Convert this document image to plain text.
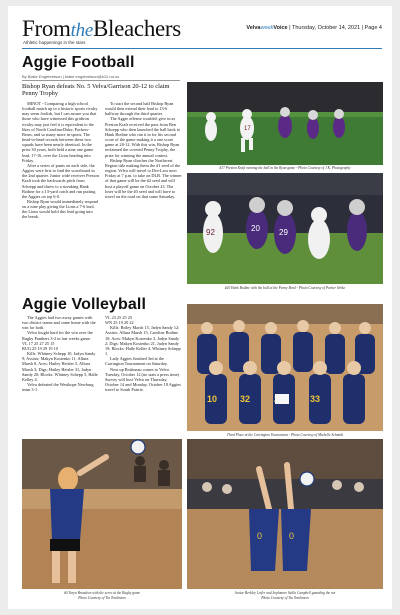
FromtheBleachers
Athletic happenings in the stars
VelvaweekVoice | Thursday, October 14, 2021 | Page 4
Aggie Football
By Blake Engebretson | blake.engebretson@k12.nd.us
Bishop Ryan defeats No. 5 Velva/Garrison 20-12 to claim Penny Trophy

MINOT - Comparing a high school football match up to a historic sports rivalry may seem foolish, but I can assure you that those who have witnessed this gridiron rivalry may just feel it is equivalent to the likes of North Carolina-Duke, Packers-Bears, and so many more in sports. The head-to-head records between these two squads have been nearly identical. In the prior 30 years, both held a nine one game lead, 17-16, over the Lions heading into Friday.

After a series of punts on each side, the Aggies were first to find the scoreboard in the 2nd quarter. Junior wide receiver Preston Kraft took the backwards pitch from Schrepp and threw to a streaking Hank Bodine for a 13-yard catch and run putting the Aggies on top 6-0.

Bishop Ryan would immediately respond on a nine play giving the Lions a 7-6 lead, the Lions would hold this lead going into the break.

To start the second half Bishop Ryan would then extend their lead to 13-6 halfway through the third quarter.

The Aggie offense wouldn't give in as Preston Kraft received the pass from Ben Schrepp who then launched the ball back to Hank Bodine who ran it in for his second score of the game making it a one score game at 20-12. With this win, Bishop Ryan reclaimed the coveted Penny Trophy, the prize for winning the annual contest.

Bishop Ryan clinches the Northwest Region title making them the #1 seed of the region. Velva will travel to Des-Lacs next Friday at 7 p.m. to take on DLB. The winner of that game will be the #2 seed and will host a playoff game on October 23. The loser will be the #3 seed and will have to travel on the road on that same Saturday.

17
#17 Preston Kraft running the ball in the Ryan game - Photo Courtesy of J.K. Photography
92	20 29
#20 Hank Bodine with the ball at the Penny Bowl - Photo Courtesy of Parker Strike
Aggie Volleyball

The Aggies had two away games with two district teams and came home with the win for both.

Velva fought hard for the win over the Rugby Panthers 3-2 in last weeks game.

VL 17 25 27 25 15

RUG 25 19 29 19 10

Kills: Whitney Schepp 10, Jadyn Sandy 9; Assists: Makyn Kostenko 11, Allura Marsh 8, Aces: Hailey Heisler 5, Allura Marsh 3; Digs: Hailey Heisler 31, Jadyn Sandy 20; Blocks: Whitney Schepp 5, Halle Kelley 4.

Velva defeated the Westhope Newburg team 3-1.

VL 23 25 25 25

WN 25 19 20 22

Kills: Briley Marsh 15, Jadyn Sandy 12; Assists: Allura Marsh 15, Caroline Bodine 10; Aces: Makyn Kostenko 3, Jadyn Sandy 2; Digs: Makyn Kostenko 21, Jadyn Sandy 19; Blocks: Halle Keller 4, Whitney Schepp 1.

Lady Aggies finished 3rd at the Carrington Tournament on Saturday.

Next up Bottineau comes to Velva Tuesday, October 12 (no stats a press time) Survey will host Velva on Thursday, October 14 and Monday, October 18 Aggies travel to South Prairie.

32	33
10
Third Place at the Carrington Tournament - Photo Courtesy of Michelle Schmidt
#0 Taryn Broadeen with the serve at the Rugby game
Photo Courtesy of Tia Tomlinson
0	0
Junior Berkley Leifer and Sophmore Stella Campbell guarding the net
Photo Courtesy of Tia Tomlinson
